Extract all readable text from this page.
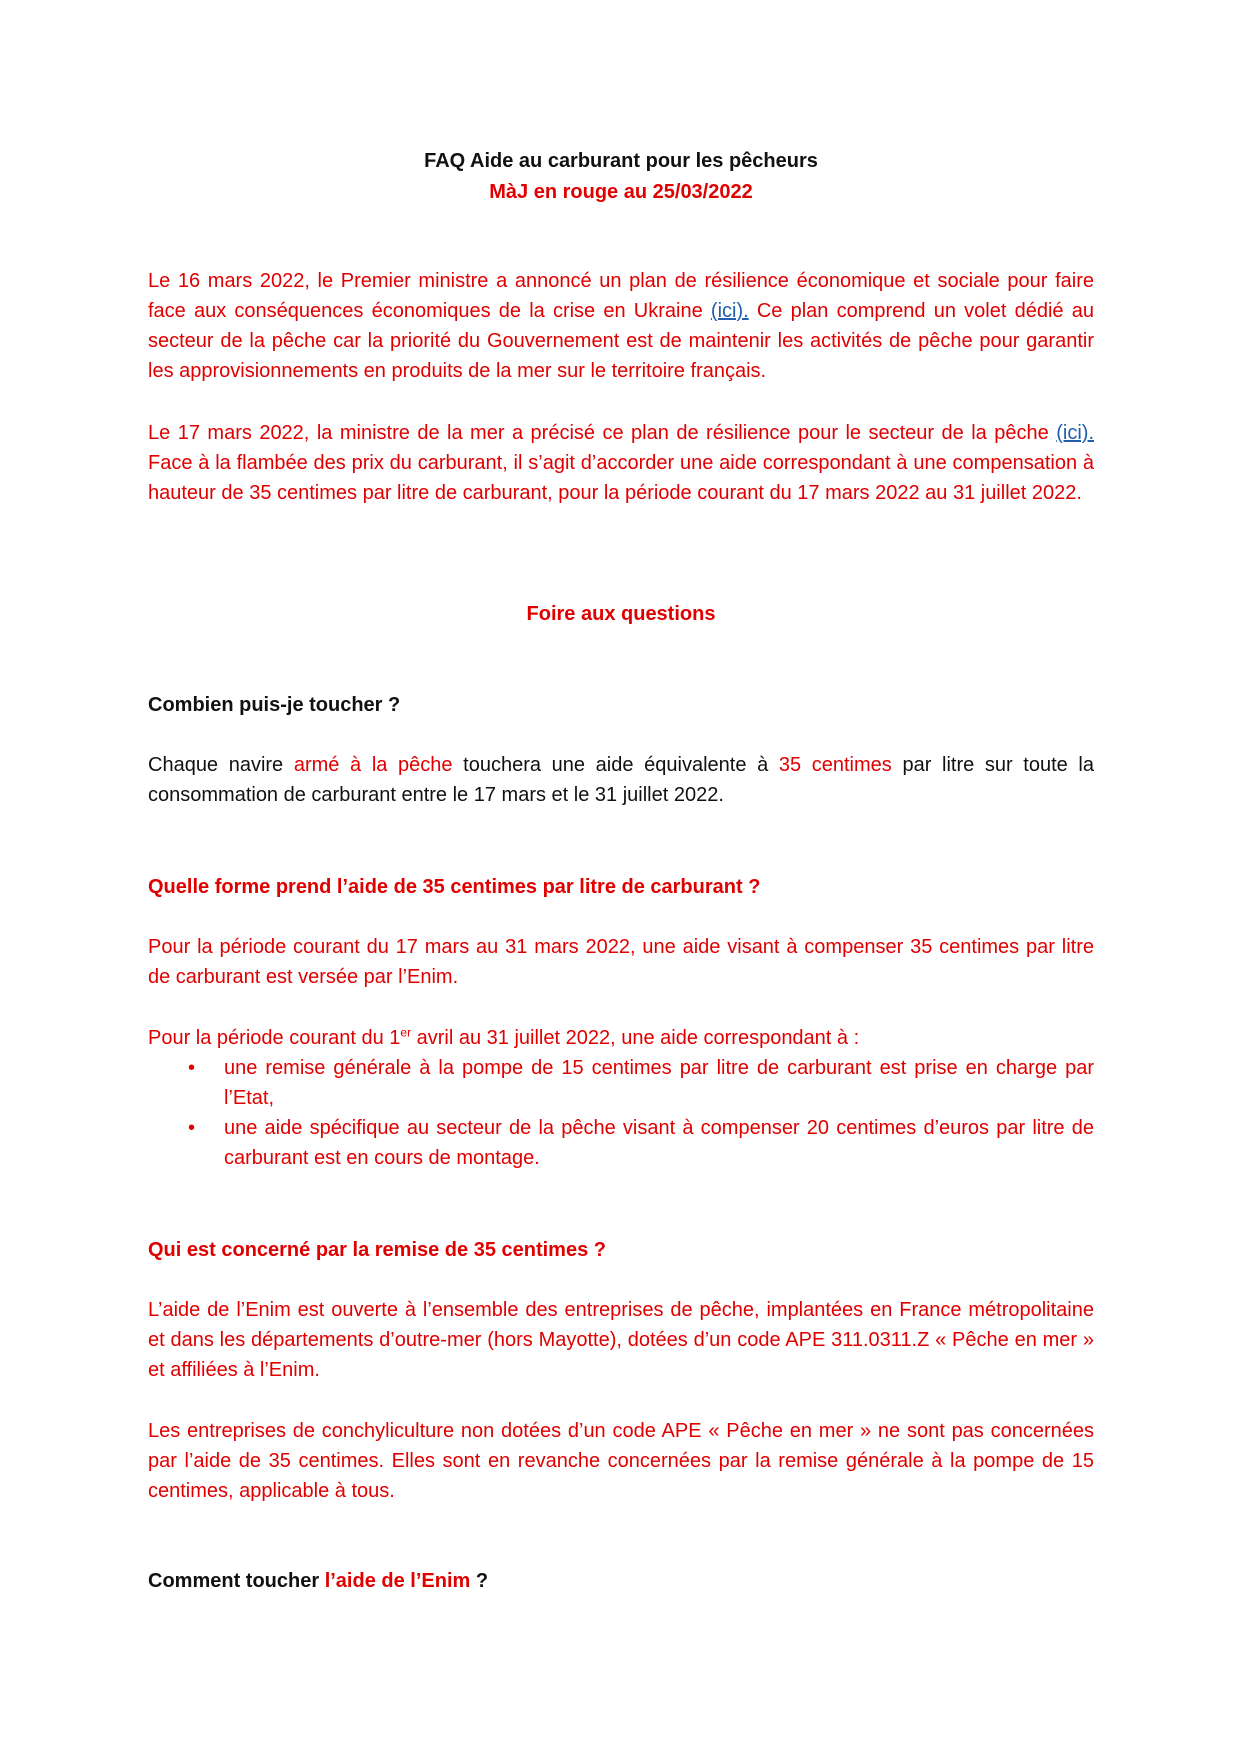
FAQ Aide au carburant pour les pêcheurs
MàJ en rouge au 25/03/2022

Le 16 mars 2022, le Premier ministre a annoncé un plan de résilience économique et sociale pour faire face aux conséquences économiques de la crise en Ukraine (ici). Ce plan comprend un volet dédié au secteur de la pêche car la priorité du Gouvernement est de maintenir les activités de pêche pour garantir les approvisionnements en produits de la mer sur le territoire français.

Le 17 mars 2022, la ministre de la mer a précisé ce plan de résilience pour le secteur de la pêche (ici). Face à la flambée des prix du carburant, il s’agit d’accorder une aide correspondant à une compensation à hauteur de 35 centimes par litre de carburant, pour la période courant du 17 mars 2022 au 31 juillet 2022.

Foire aux questions

Combien puis-je toucher ?

Chaque navire armé à la pêche touchera une aide équivalente à 35 centimes par litre sur toute la consommation de carburant entre le 17 mars et le 31 juillet 2022.

Quelle forme prend l’aide de 35 centimes par litre de carburant ?

Pour la période courant du 17 mars au 31 mars 2022, une aide visant à compenser 35 centimes par litre de carburant est versée par l’Enim.

Pour la période courant du 1er avril au 31 juillet 2022, une aide correspondant à :

• une remise générale à la pompe de 15 centimes par litre de carburant est prise en charge par l’Etat,
• une aide spécifique au secteur de la pêche visant à compenser 20 centimes d’euros par litre de carburant est en cours de montage.

Qui est concerné par la remise de 35 centimes ?

L’aide de l’Enim est ouverte à l’ensemble des entreprises de pêche, implantées en France métropolitaine et dans les départements d’outre-mer (hors Mayotte), dotées d’un code APE 311.0311.Z « Pêche en mer » et affiliées à l’Enim.

Les entreprises de conchyliculture non dotées d’un code APE « Pêche en mer » ne sont pas concernées par l’aide de 35 centimes. Elles sont en revanche concernées par la remise générale à la pompe de 15 centimes, applicable à tous.

Comment toucher l’aide de l’Enim ?
